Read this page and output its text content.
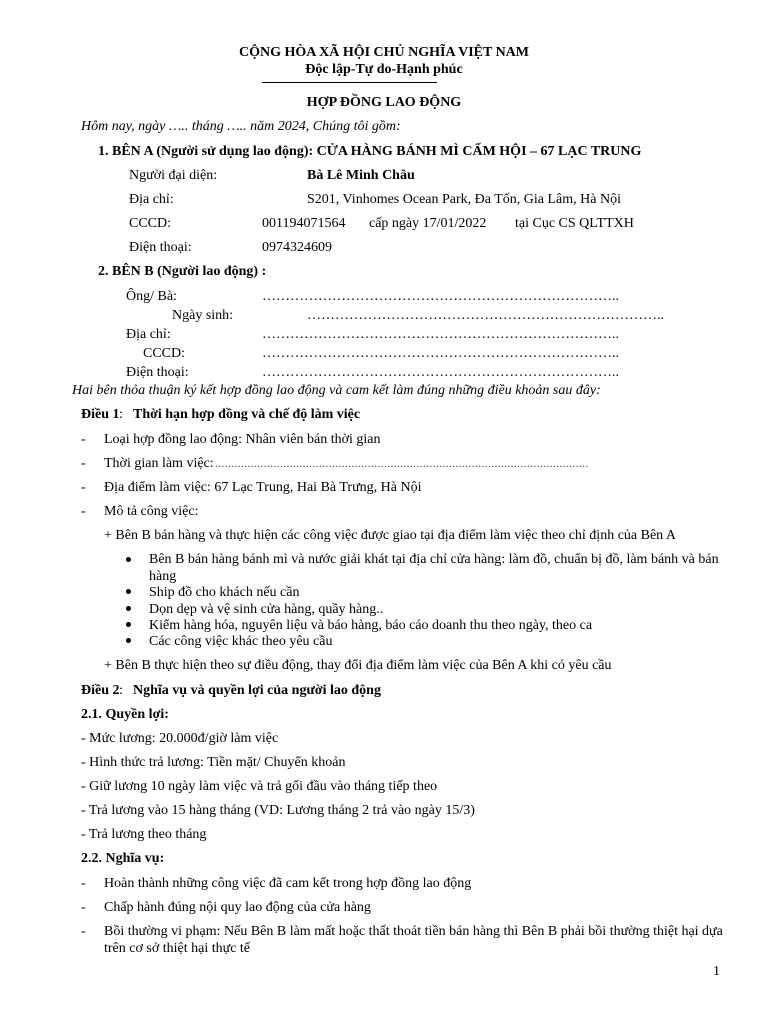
CỘNG HÒA XÃ HỘI CHỦ NGHĨA VIỆT NAM
Độc lập-Tự do-Hạnh phúc
HỢP ĐỒNG LAO ĐỘNG
Hôm nay, ngày ….. tháng ….. năm 2024, Chúng tôi gồm:
1. BÊN A (Người sử dụng lao động): CỬA HÀNG BÁNH MÌ CẤM HỘI – 67 LẠC TRUNG
Người đại diện:	Bà Lê Minh Châu
Địa chỉ:	S201, Vinhomes Ocean Park, Đa Tốn, Gia Lâm, Hà Nội
CCCD:	001194071564 cấp ngày 17/01/2022 tại Cục CS QLTTXH
Điện thoại:	0974324609
2. BÊN B (Người lao động) :
Ông/ Bà:	…………………………………………………………………..
Ngày sinh:	…………………………………………………………………..
Địa chỉ:	…………………………………………………………………..
CCCD:	…………………………………………………………………..
Điện thoại:	…………………………………………………………………..
Hai bên thỏa thuận ký kết hợp đồng lao động và cam kết làm đúng những điều khoản sau đây:
Điều 1 : Thời hạn hợp đồng và chế độ làm việc
- Loại hợp đồng lao động: Nhân viên bán thời gian
- Thời gian làm việc: ...................................................................................................................
- Địa điểm làm việc: 67 Lạc Trung, Hai Bà Trưng, Hà Nội
- Mô tả công việc:
+ Bên B bán hàng và thực hiện các công việc được giao tại địa điểm làm việc theo chỉ định của Bên A
Bên B bán hàng bánh mì và nước giải khát tại địa chỉ cửa hàng: làm đồ, chuẩn bị đồ, làm bánh và bán hàng
Ship đồ cho khách nếu cần
Dọn dẹp và vệ sinh cửa hàng, quầy hàng..
Kiểm hàng hóa, nguyên liệu và báo hàng, báo cáo doanh thu theo ngày, theo ca
Các công việc khác theo yêu cầu
+ Bên B thực hiện theo sự điều động, thay đổi địa điểm làm việc của Bên A khi có yêu cầu
Điều 2 : Nghĩa vụ và quyền lợi của người lao động
2.1. Quyền lợi:
- Mức lương: 20.000đ/giờ làm việc
- Hình thức trả lương: Tiền mặt/ Chuyển khoản
- Giữ lương 10 ngày làm việc và trả gối đầu vào tháng tiếp theo
- Trả lương vào 15 hàng tháng (VD: Lương tháng 2 trả vào ngày 15/3)
- Trả lương theo tháng
2.2. Nghĩa vụ:
- Hoàn thành những công việc đã cam kết trong hợp đồng lao động
- Chấp hành đúng nội quy lao động của cửa hàng
- Bồi thường vi phạm: Nếu Bên B làm mất hoặc thất thoát tiền bán hàng thì Bên B phải bồi thường thiệt hại dựa trên cơ sở thiệt hại thực tế
1
